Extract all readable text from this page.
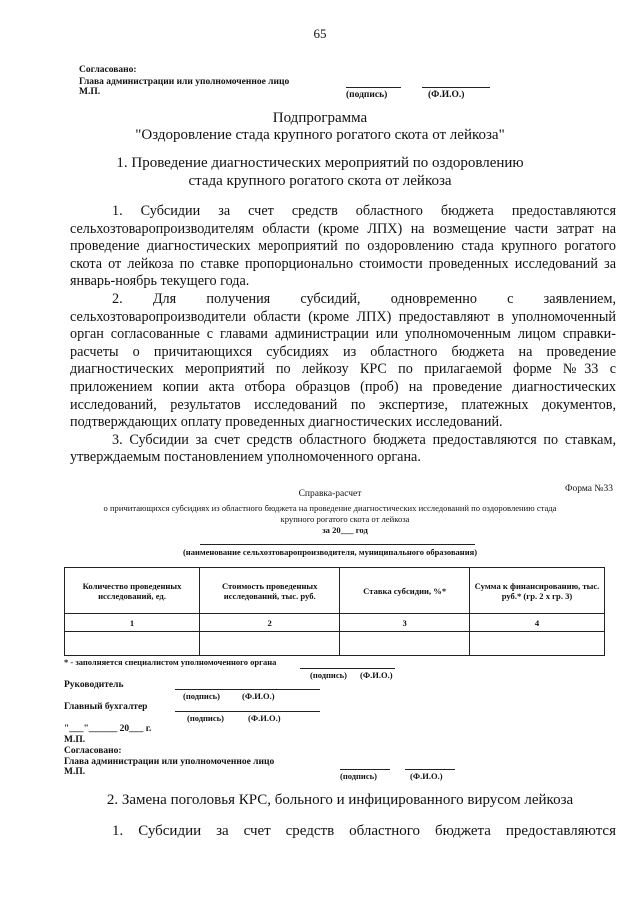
65
Согласовано:
Глава администрации или уполномоченное лицо
М.П.	(подпись)	(Ф.И.О.)
Подпрограмма
"Оздоровление стада крупного рогатого скота от лейкоза"
1. Проведение диагностических мероприятий по оздоровлению
стада крупного рогатого скота от лейкоза

1. Субсидии за счет средств областного бюджета предоставляются сельхозтоваропроизводителям области (кроме ЛПХ) на возмещение части затрат на проведение диагностических мероприятий по оздоровлению стада крупного рогатого скота от лейкоза по ставке пропорционально стоимости проведенных исследований за январь-ноябрь текущего года.

2. Для получения субсидий, одновременно с заявлением, сельхозтоваропроизводители области (кроме ЛПХ) предоставляют в уполномоченный орган согласованные с главами администрации или уполномоченным лицом справки-расчеты о причитающихся субсидиях из областного бюджета на проведение диагностических мероприятий по лейкозу КРС по прилагаемой форме №33 с приложением копии акта отбора образцов (проб) на проведение диагностических исследований, результатов исследований по экспертизе, платежных документов, подтверждающих оплату проведенных диагностических исследований.

3. Субсидии за счет средств областного бюджета предоставляются по ставкам, утверждаемым постановлением уполномоченного органа.

Форма №33
Справка-расчет
о причитающихся субсидиях из областного бюджета на проведение диагностических исследований по оздоровлению стада
крупного рогатого скота от лейкоза
за 20___ год
(наименование сельхозтоваропроизводителя, муниципального образования)
Количество проведенных исследований, ед.	Стоимость проведенных исследований, тыс. руб.	Ставка субсидии, %*	Сумма к финансированию, тыс. руб.* (гр. 2 x гр. 3)
1	2	3	4

* - заполняется специалистом уполномоченного органа
(подпись) (Ф.И.О.)
Руководитель
(подпись)	(Ф.И.О.)
Главный бухгалтер
(подпись)	(Ф.И.О.)
"___"______ 20___ г.
М.П.
Согласовано:
Глава администрации или уполномоченное лицо
М.П.	(подпись)	(Ф.И.О.)
2. Замена поголовья КРС, больного и инфицированного вирусом лейкоза

1. Субсидии за счет средств областного бюджета предоставляются
